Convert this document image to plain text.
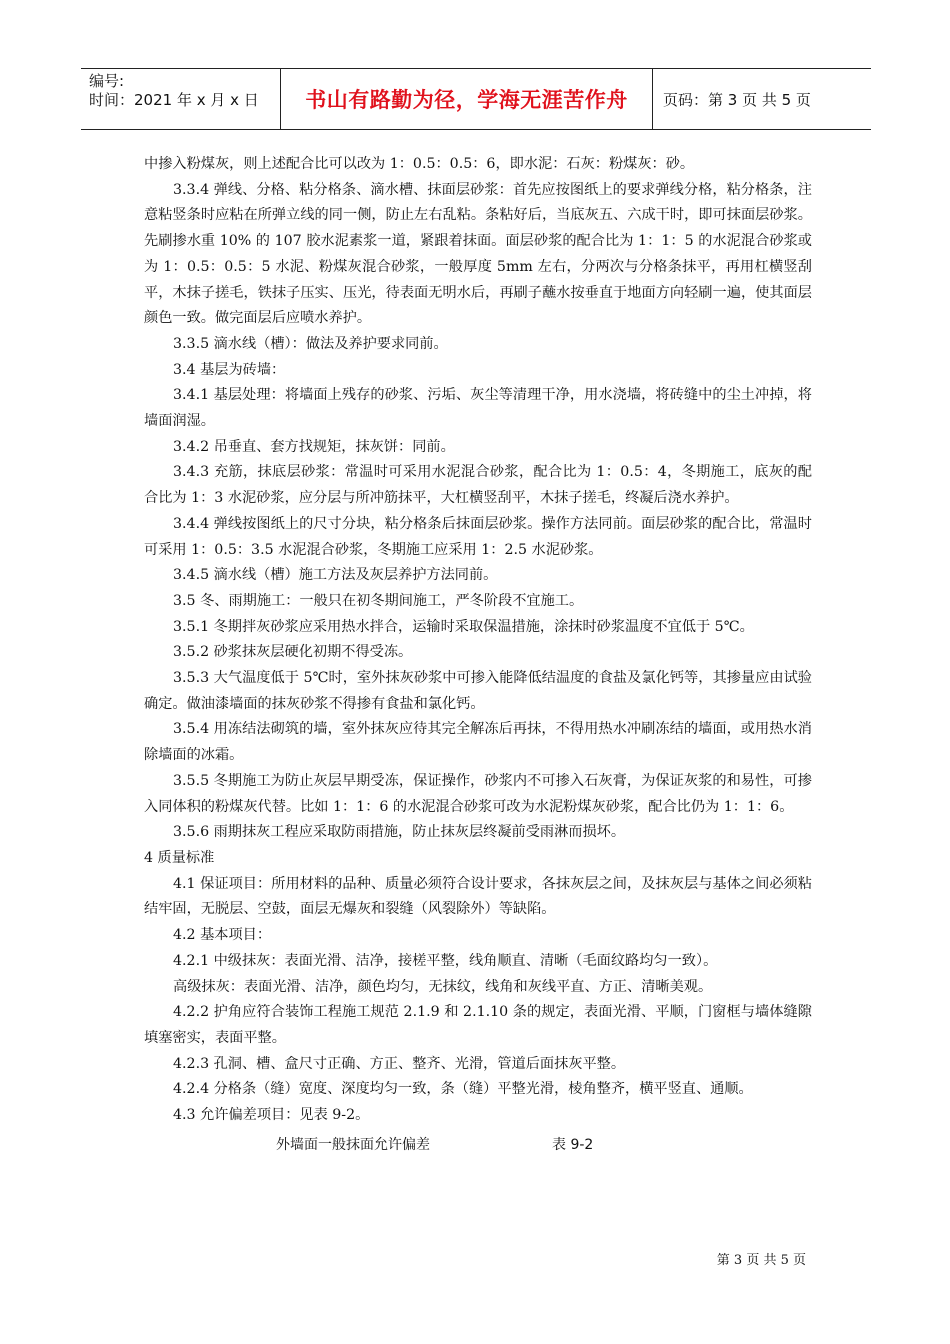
编号:
时间：2021 年 x 月 x 日	书山有路勤为径，学海无涯苦作舟	页码：第 3 页 共 5 页

中掺入粉煤灰，则上述配合比可以改为 1：0.5：0.5：6，即水泥：石灰：粉煤灰：砂。

3.3.4 弹线、分格、粘分格条、滴水槽、抹面层砂浆：首先应按图纸上的要求弹线分格，粘分格条，注意粘竖条时应粘在所弹立线的同一侧，防止左右乱粘。条粘好后，当底灰五、六成干时，即可抹面层砂浆。先刷掺水重 10% 的 107 胶水泥素浆一道，紧跟着抹面。面层砂浆的配合比为 1：1：5 的水泥混合砂浆或为 1：0.5：0.5：5 水泥、粉煤灰混合砂浆，一般厚度 5mm 左右，分两次与分格条抹平，再用杠横竖刮平，木抹子搓毛，铁抹子压实、压光，待表面无明水后，再刷子蘸水按垂直于地面方向轻刷一遍，使其面层颜色一致。做完面层后应喷水养护。

3.3.5 滴水线（槽）：做法及养护要求同前。

3.4 基层为砖墙：

3.4.1 基层处理：将墙面上残存的砂浆、污垢、灰尘等清理干净，用水浇墙，将砖缝中的尘土冲掉，将墙面润湿。

3.4.2 吊垂直、套方找规矩，抹灰饼：同前。

3.4.3 充筋，抹底层砂浆：常温时可采用水泥混合砂浆，配合比为 1：0.5：4，冬期施工，底灰的配合比为 1：3 水泥砂浆，应分层与所冲筋抹平，大杠横竖刮平，木抹子搓毛，终凝后浇水养护。

3.4.4 弹线按图纸上的尺寸分块，粘分格条后抹面层砂浆。操作方法同前。面层砂浆的配合比，常温时可采用 1：0.5：3.5 水泥混合砂浆，冬期施工应采用 1：2.5 水泥砂浆。

3.4.5 滴水线（槽）施工方法及灰层养护方法同前。

3.5 冬、雨期施工：一般只在初冬期间施工，严冬阶段不宜施工。

3.5.1 冬期拌灰砂浆应采用热水拌合，运输时采取保温措施，涂抹时砂浆温度不宜低于 5℃。

3.5.2 砂浆抹灰层硬化初期不得受冻。

3.5.3 大气温度低于 5℃时，室外抹灰砂浆中可掺入能降低结温度的食盐及氯化钙等，其掺量应由试验确定。做油漆墙面的抹灰砂浆不得掺有食盐和氯化钙。

3.5.4 用冻结法砌筑的墙，室外抹灰应待其完全解冻后再抹，不得用热水冲刷冻结的墙面，或用热水消除墙面的冰霜。

3.5.5 冬期施工为防止灰层早期受冻，保证操作，砂浆内不可掺入石灰膏，为保证灰浆的和易性，可掺入同体积的粉煤灰代替。比如 1：1：6 的水泥混合砂浆可改为水泥粉煤灰砂浆，配合比仍为 1：1：6。

3.5.6 雨期抹灰工程应采取防雨措施，防止抹灰层终凝前受雨淋而损坏。

4 质量标准

4.1 保证项目：所用材料的品种、质量必须符合设计要求，各抹灰层之间，及抹灰层与基体之间必须粘结牢固，无脱层、空鼓，面层无爆灰和裂缝（风裂除外）等缺陷。

4.2 基本项目：

4.2.1 中级抹灰：表面光滑、洁净，接槎平整，线角顺直、清晰（毛面纹路均匀一致）。

高级抹灰：表面光滑、洁净，颜色均匀，无抹纹，线角和灰线平直、方正、清晰美观。

4.2.2 护角应符合装饰工程施工规范 2.1.9 和 2.1.10 条的规定，表面光滑、平顺，门窗框与墙体缝隙填塞密实，表面平整。

4.2.3 孔洞、槽、盒尺寸正确、方正、整齐、光滑，管道后面抹灰平整。

4.2.4 分格条（缝）宽度、深度均匀一致，条（缝）平整光滑，棱角整齐，横平竖直、通顺。

4.3 允许偏差项目：见表 9-2。

外墙面一般抹面允许偏差	表 9-2

第 3 页 共 5 页
